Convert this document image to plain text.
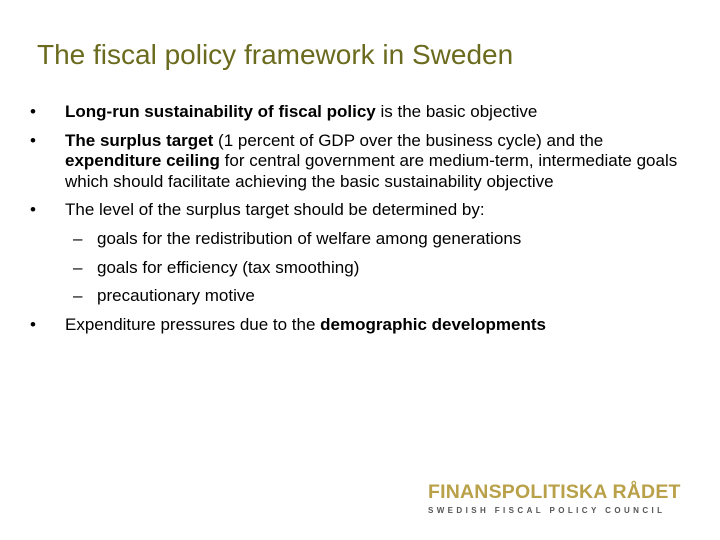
The fiscal policy framework in Sweden
• Long-run sustainability of fiscal policy is the basic objective
• The surplus target (1 percent of GDP over the business cycle) and the expenditure ceiling for central government are medium-term, intermediate goals which should facilitate achieving the basic sustainability objective
• The level of the surplus target should be determined by:
– goals for the redistribution of welfare among generations
– goals for efficiency (tax smoothing)
– precautionary motive
• Expenditure pressures due to the demographic developments
FINANSPOLITISKA RÅDET
SWEDISH FISCAL POLICY COUNCIL
